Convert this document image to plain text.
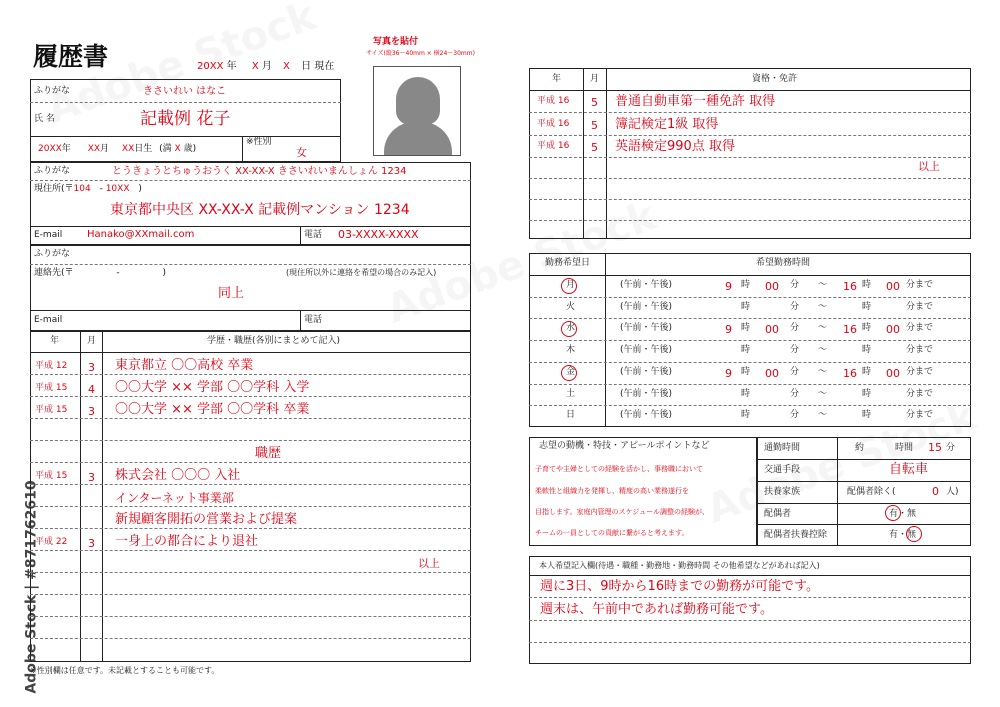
Adobe Stock | #871762610
履歴書	20XX 年 X 月 X 日 現在
写真を貼付
サイズ(縦36～40mm × 横24～30mm)
ふりがな	きさいれい はなこ
氏 名	記載例 花子
20XX年 XX月 XX日生 (満 X 歳)
※性別
女
ふりがな	とうきょうとちゅうおうく XX-XX-X きさいれいまんしょん 1234
現住所(〒104 - 10XX )
東京都中央区 XX-XX-X 記載例マンション 1234
E-mail Hanako@XXmail.com	電話 03-XXXX-XXXX
ふりがな
連絡先(〒	-	)	(現住所以外に連絡を希望の場合のみ記入)
同上
E-mail	電話
年	月	学歴・職歴(各別にまとめて記入)
平成 12 3 東京都立 〇〇高校 卒業
平成 15 4 〇〇大学 ×× 学部 〇〇学科 入学
平成 15 3 〇〇大学 ×× 学部 〇〇学科 卒業
職歴
平成 15 3 株式会社 〇〇〇 入社
インターネット事業部
新規顧客開拓の営業および提案
平成 22 3 一身上の都合により退社
以上
※性別欄は任意です。未記載とすることも可能です。
年	月	資格・免許
平成 16 5 普通自動車第一種免許 取得
平成 16 5 簿記検定1級 取得
平成 16 5 英語検定990点 取得
以上
勤務希望日	希望勤務時間
月	(午前・午後)	9 時 00 分 ～ 16 時 00 分まで
火	(午前・午後)	時	分 ～	時	分まで
水	(午前・午後)	9 時 00 分 ～ 16 時 00 分まで
木	(午前・午後)	時	分 ～	時	分まで
金	(午前・午後)	9 時 00 分 ～ 16 時 00 分まで
土	(午前・午後)	時	分 ～	時	分まで
日	(午前・午後)	時	分 ～	時	分まで
志望の動機・特技・アピールポイントなど
子育てや主婦としての経験を活かし、事務職において
柔軟性と組織力を発揮し、精度の高い業務遂行を
目指します。家庭内管理のスケジュール調整の経験が、
チームの一員としての貢献に繋がると考えます。
通勤時間	約	時間 15 分
交通手段	自転車
扶養家族	配偶者除く(	0 人)
配偶者	有・無
配偶者扶養控除	有・無
本人希望記入欄(待遇・職種・勤務地・勤務時間 その他希望などがあれば記入)
週に3日、9時から16時までの勤務が可能です。
週末は、午前中であれば勤務可能です。
